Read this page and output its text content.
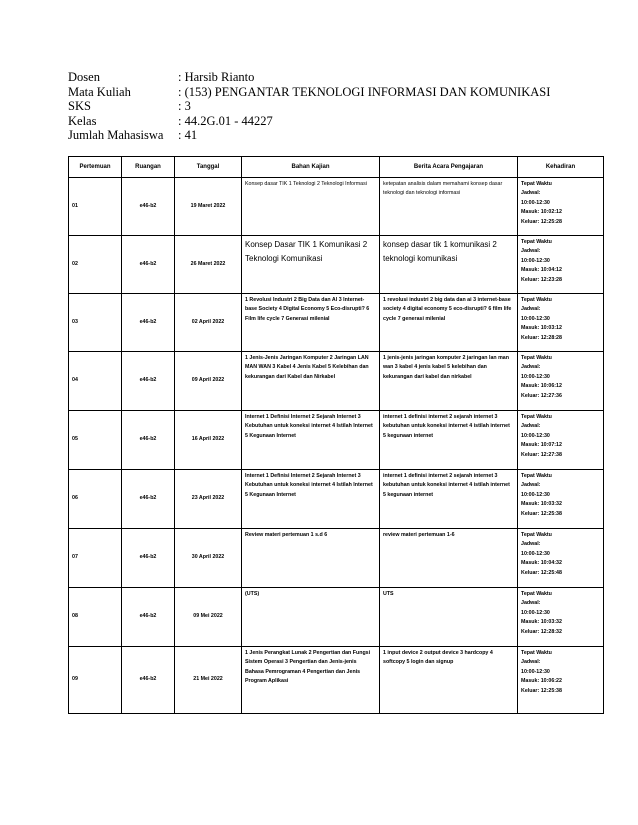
Dosen	: Harsib Rianto
Mata Kuliah	: (153) PENGANTAR TEKNOLOGI INFORMASI DAN KOMUNIKASI
SKS	: 3
Kelas	: 44.2G.01 - 44227
Jumlah Mahasiswa	: 41
Pertemuan	Ruangan	Tanggal	Bahan Kajian	Berita Acara Pengajaran	Kehadiran
01	e46-b2	19 Maret 2022	Konsep dasar TIK 1 Teknologi 2 Teknologi Informasi	ketepatan analisis dalam memahami konsep dasar teknologi dan teknologi informasi	Tepat Waktu
Jadwal:
10:00-12:30
Masuk: 10:02:12
Keluar: 12:25:28

02	e46-b2	26 Maret 2022	Konsep Dasar TIK 1 Komunikasi 2 Teknologi Komunikasi	konsep dasar tik 1 komunikasi 2 teknologi komunikasi	Tepat Waktu
Jadwal:
10:00-12:30
Masuk: 10:04:12
Keluar: 12:23:28

03	e46-b2	02 April 2022	1 Revolusi Industri 2 Big Data dan AI 3 Internet-base Society 4 Digital Economy 5 Eco-disrupti? 6 Film life cycle 7 Generasi milenial	1 revolusi industri 2 big data dan ai 3 internet-base society 4 digital economy 5 eco-disrupti? 6 film life cycle 7 generasi milenial	Tepat Waktu
Jadwal:
10:00-12:30
Masuk: 10:03:12
Keluar: 12:28:28

04	e46-b2	09 April 2022	1 Jenis-Jenis Jaringan Komputer 2 Jaringan LAN MAN WAN 3 Kabel 4 Jenis Kabel 5 Kelebihan dan kekurangan dari Kabel dan Nirkabel	1 jenis-jenis jaringan komputer 2 jaringan lan man wan 3 kabel 4 jenis kabel 5 kelebihan dan kekurangan dari kabel dan nirkabel	Tepat Waktu
Jadwal:
10:00-12:30
Masuk: 10:06:12
Keluar: 12:27:36

05	e46-b2	16 April 2022	Internet 1 Definisi Internet 2 Sejarah Internet 3 Kebutuhan untuk koneksi internet 4 Istilah Internet 5 Kegunaan Internet	internet 1 definisi internet 2 sejarah internet 3 kebutuhan untuk koneksi internet 4 istilah internet 5 kegunaan internet	Tepat Waktu
Jadwal:
10:00-12:30
Masuk: 10:07:12
Keluar: 12:27:38

06	e46-b2	23 April 2022	Internet 1 Definisi Internet 2 Sejarah Internet 3 Kebutuhan untuk koneksi internet 4 Istilah Internet 5 Kegunaan Internet	internet 1 definisi internet 2 sejarah internet 3 kebutuhan untuk koneksi internet 4 istilah internet 5 kegunaan internet	Tepat Waktu
Jadwal:
10:00-12:30
Masuk: 10:03:32
Keluar: 12:25:38

07	e46-b2	30 April 2022	Review materi pertemuan 1 s.d 6	review materi pertemuan 1-6	Tepat Waktu
Jadwal:
10:00-12:30
Masuk: 10:04:32
Keluar: 12:25:48

08	e46-b2	09 Mei 2022	(UTS)	UTS	Tepat Waktu
Jadwal:
10:00-12:30
Masuk: 10:03:32
Keluar: 12:28:32

09	e46-b2	21 Mei 2022	1 Jenis Perangkat Lunak 2 Pengertian dan Fungsi Sistem Operasi 3 Pengertian dan Jenis-jenis Bahasa Pemrograman 4 Pengertian dan Jenis Program Aplikasi	1 input device 2 output device 3 hardcopy 4 softcopy 5 login dan signup	Tepat Waktu
Jadwal:
10:00-12:30
Masuk: 10:06:22
Keluar: 12:25:38
